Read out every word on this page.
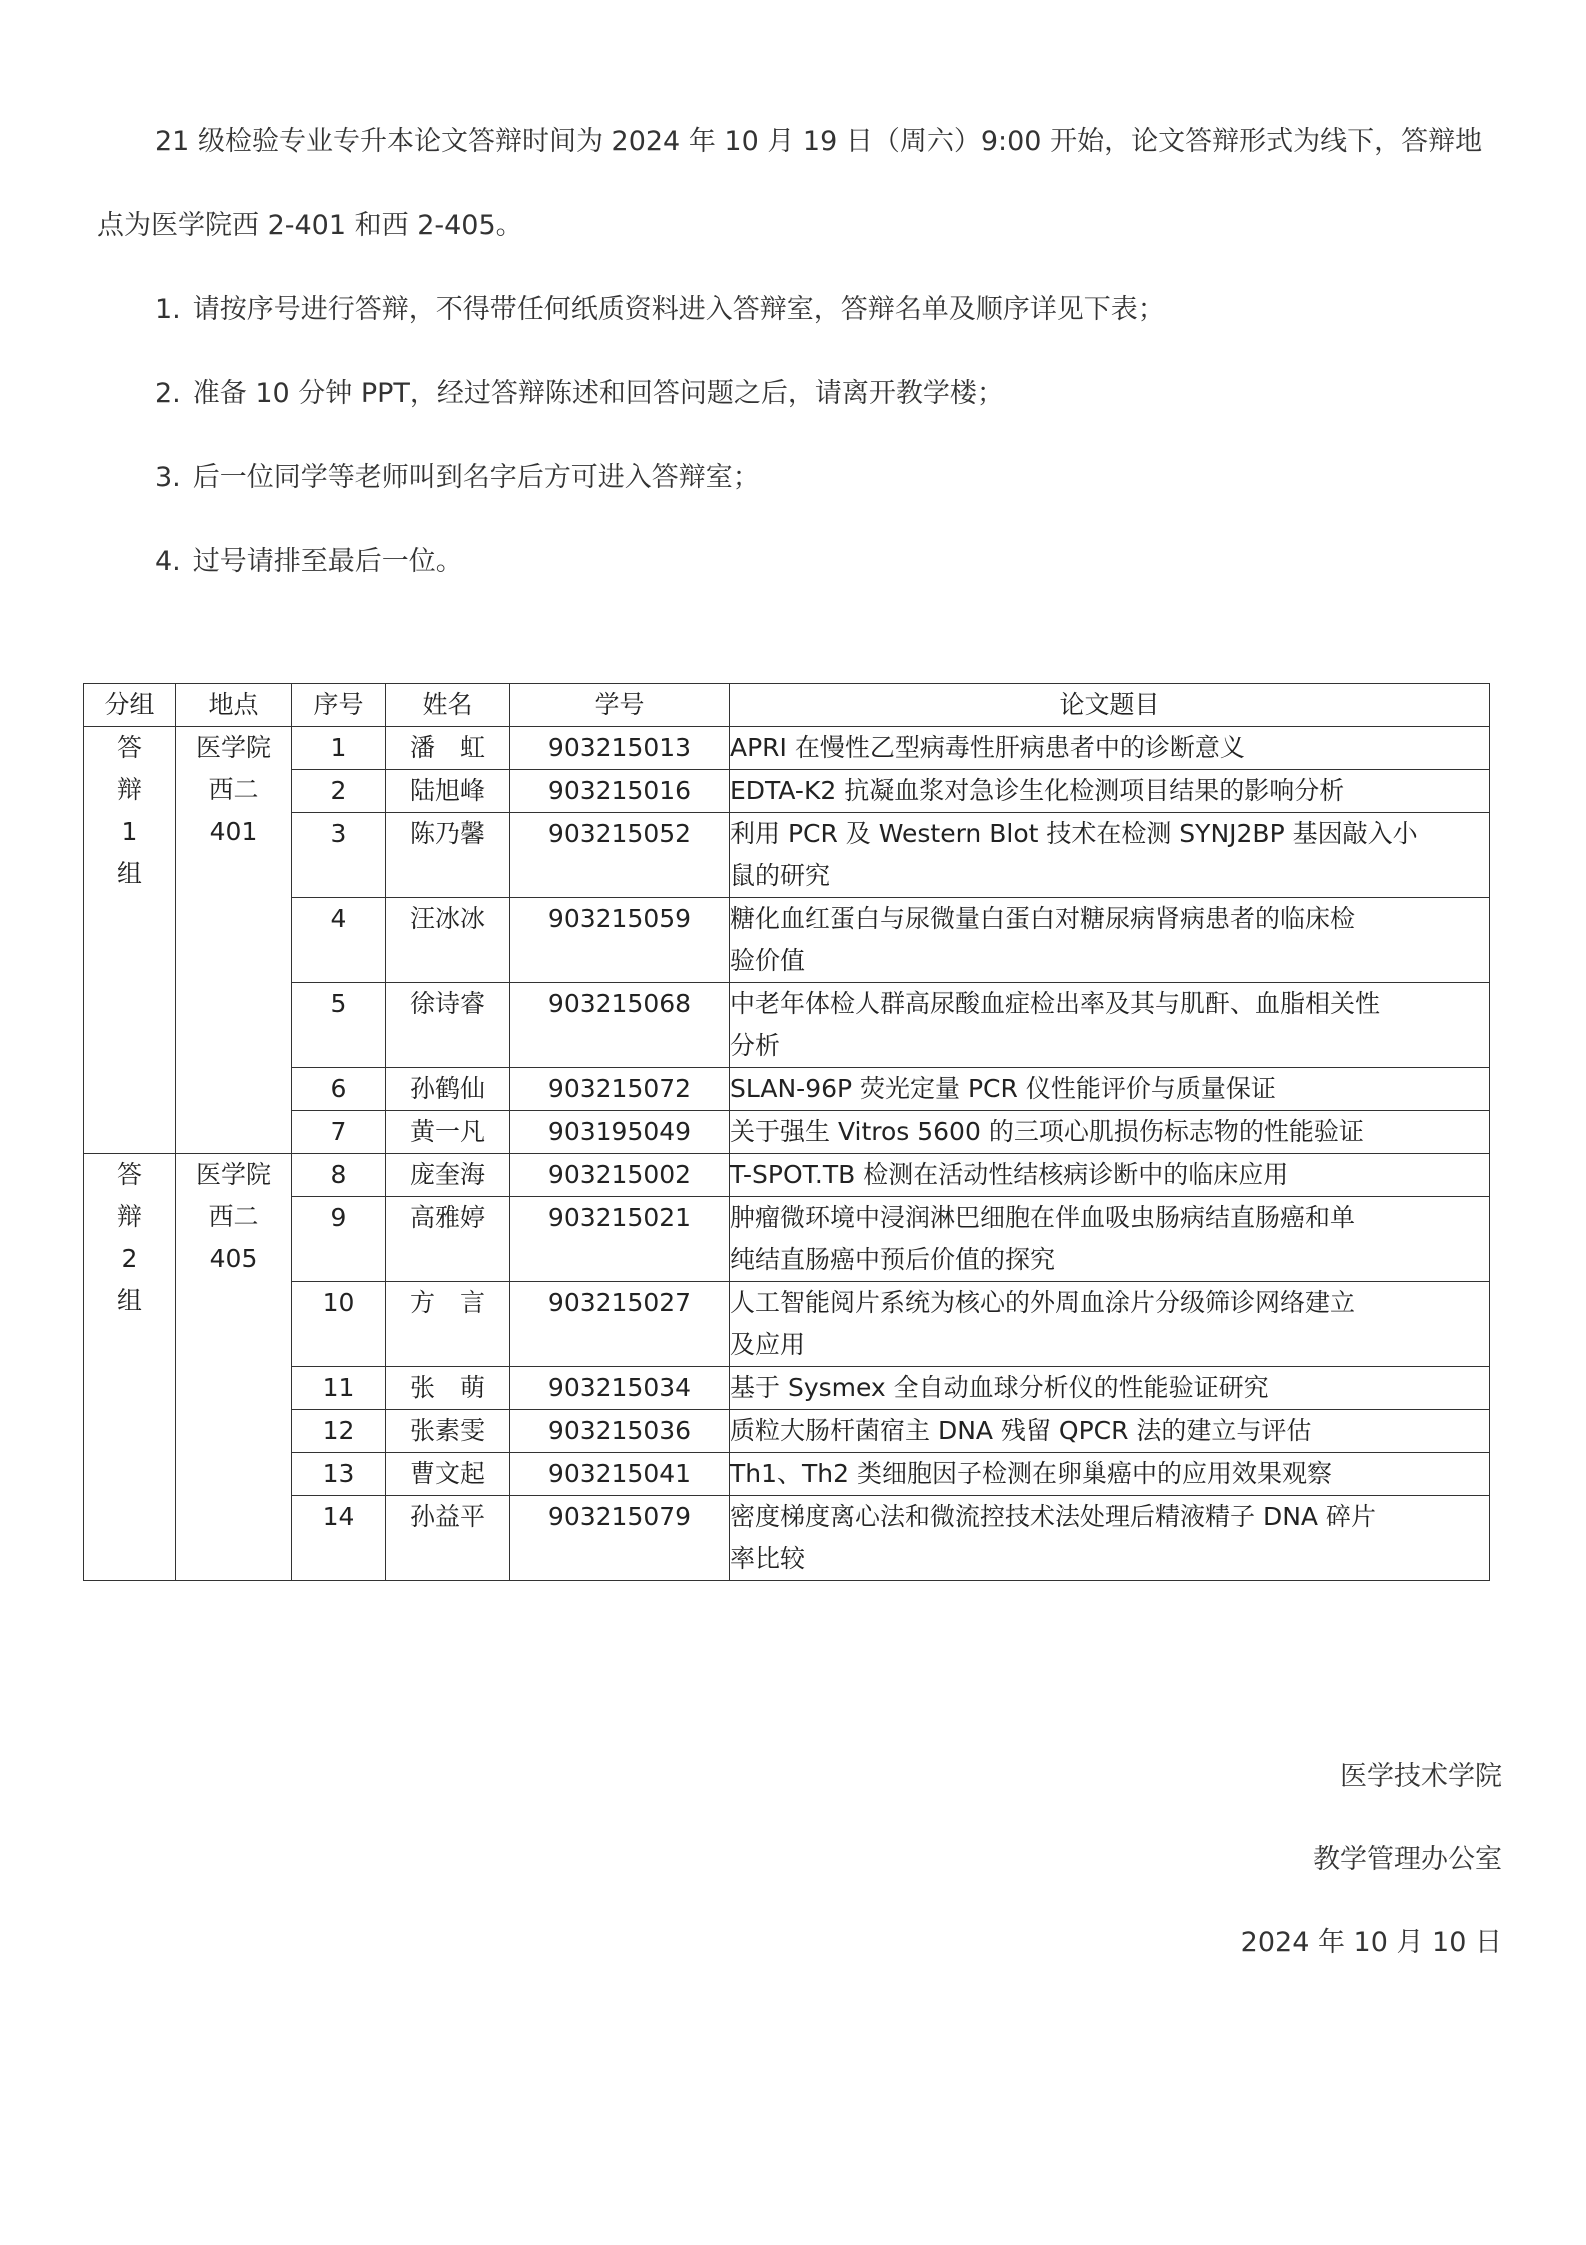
21 级检验专业专升本论文答辩时间为 2024 年 10 月 19 日（周六）9:00 开始，论文答辩形式为线下，答辩地
点为医学院西 2-401 和西 2-405。
1. 请按序号进行答辩，不得带任何纸质资料进入答辩室，答辩名单及顺序详见下表；
2. 准备 10 分钟 PPT，经过答辩陈述和回答问题之后，请离开教学楼；
3. 后一位同学等老师叫到名字后方可进入答辩室；
4. 过号请排至最后一位。
分组	地点	序号	姓名	学号	论文题目

答
辩
1
组	医学院
西二
401	1	潘　虹	903215013	APRI 在慢性乙型病毒性肝病患者中的诊断意义

		2	陆旭峰	903215016	EDTA-K2 抗凝血浆对急诊生化检测项目结果的影响分析

		3	陈乃馨	903215052	利用 PCR 及 Western Blot 技术在检测 SYNJ2BP 基因敲入小
鼠的研究

		4	汪冰冰	903215059	糖化血红蛋白与尿微量白蛋白对糖尿病肾病患者的临床检
验价值

		5	徐诗睿	903215068	中老年体检人群高尿酸血症检出率及其与肌酐、血脂相关性
分析

		6	孙鹤仙	903215072	SLAN-96P 荧光定量 PCR 仪性能评价与质量保证

		7	黄一凡	903195049	关于强生 Vitros 5600 的三项心肌损伤标志物的性能验证

答
辩
2
组	医学院
西二
405	8	庞奎海	903215002	T-SPOT.TB 检测在活动性结核病诊断中的临床应用

		9	高雅婷	903215021	肿瘤微环境中浸润淋巴细胞在伴血吸虫肠病结直肠癌和单
纯结直肠癌中预后价值的探究

		10	方　言	903215027	人工智能阅片系统为核心的外周血涂片分级筛诊网络建立
及应用

		11	张　萌	903215034	基于 Sysmex 全自动血球分析仪的性能验证研究

		12	张素雯	903215036	质粒大肠杆菌宿主 DNA 残留 QPCR 法的建立与评估

		13	曹文起	903215041	Th1、Th2 类细胞因子检测在卵巢癌中的应用效果观察

		14	孙益平	903215079	密度梯度离心法和微流控技术法处理后精液精子 DNA 碎片
率比较
医学技术学院
教学管理办公室
2024 年 10 月 10 日
